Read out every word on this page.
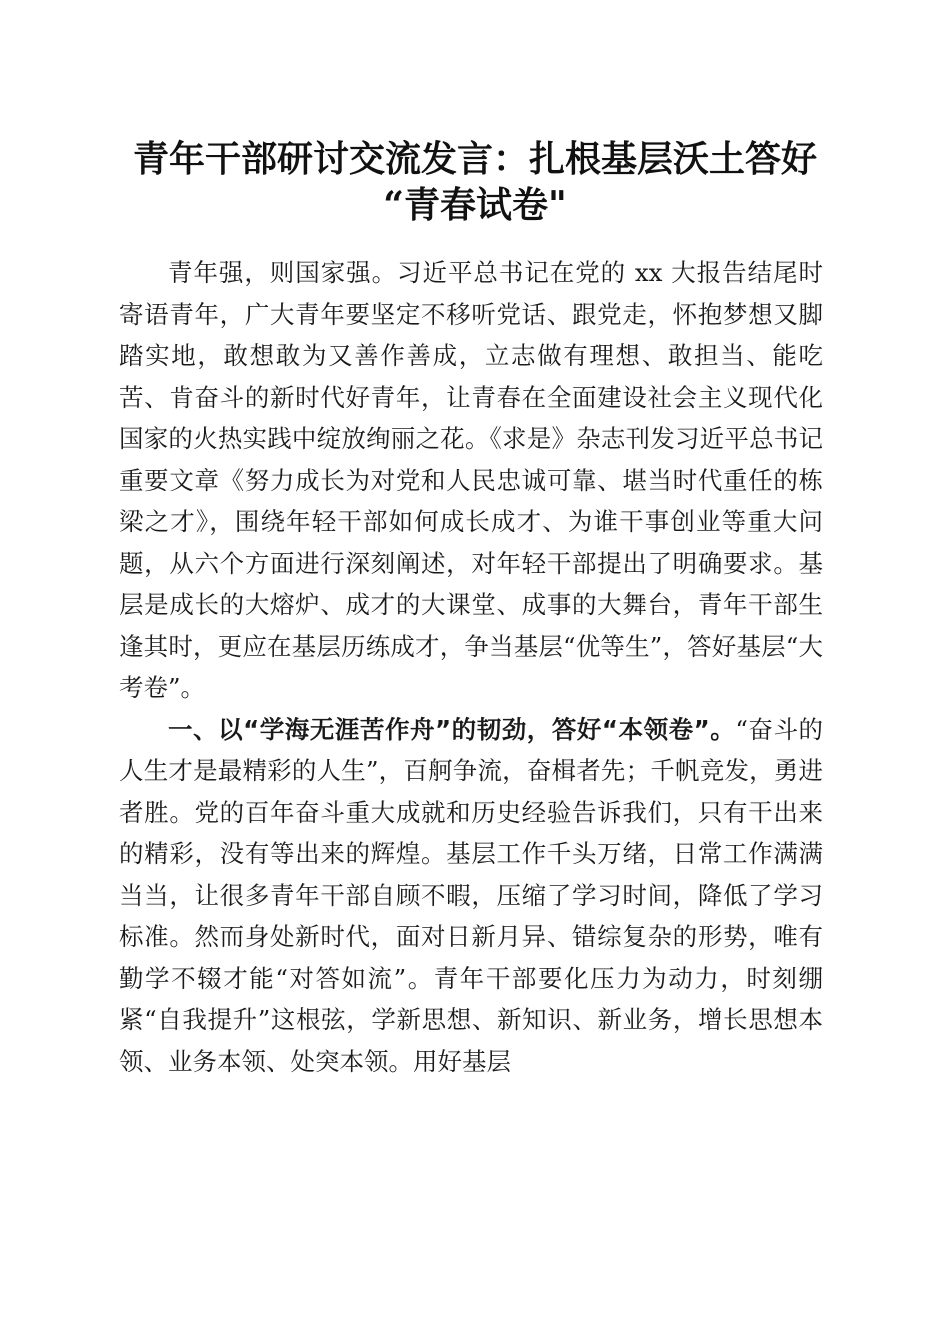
青年干部研讨交流发言：扎根基层沃土答好
“青春试卷"

青年强，则国家强。习近平总书记在党的 xx 大报告结尾时寄语青年，广大青年要坚定不移听党话、跟党走，怀抱梦想又脚踏实地，敢想敢为又善作善成，立志做有理想、敢担当、能吃苦、肯奋斗的新时代好青年，让青春在全面建设社会主义现代化国家的火热实践中绽放绚丽之花。《求是》杂志刊发习近平总书记重要文章《努力成长为对党和人民忠诚可靠、堪当时代重任的栋梁之才》，围绕年轻干部如何成长成才、为谁干事创业等重大问题，从六个方面进行深刻阐述，对年轻干部提出了明确要求。基层是成长的大熔炉、成才的大课堂、成事的大舞台，青年干部生逢其时，更应在基层历练成才，争当基层“优等生”，答好基层“大考卷”。

一、以“学海无涯苦作舟”的韧劲，答好“本领卷”。“奋斗的人生才是最精彩的人生”，百舸争流，奋楫者先；千帆竞发，勇进者胜。党的百年奋斗重大成就和历史经验告诉我们，只有干出来的精彩，没有等出来的辉煌。基层工作千头万绪，日常工作满满当当，让很多青年干部自顾不暇，压缩了学习时间，降低了学习标准。然而身处新时代，面对日新月异、错综复杂的形势，唯有勤学不辍才能“对答如流”。青年干部要化压力为动力，时刻绷紧“自我提升”这根弦，学新思想、新知识、新业务，增长思想本领、业务本领、处突本领。用好基层
